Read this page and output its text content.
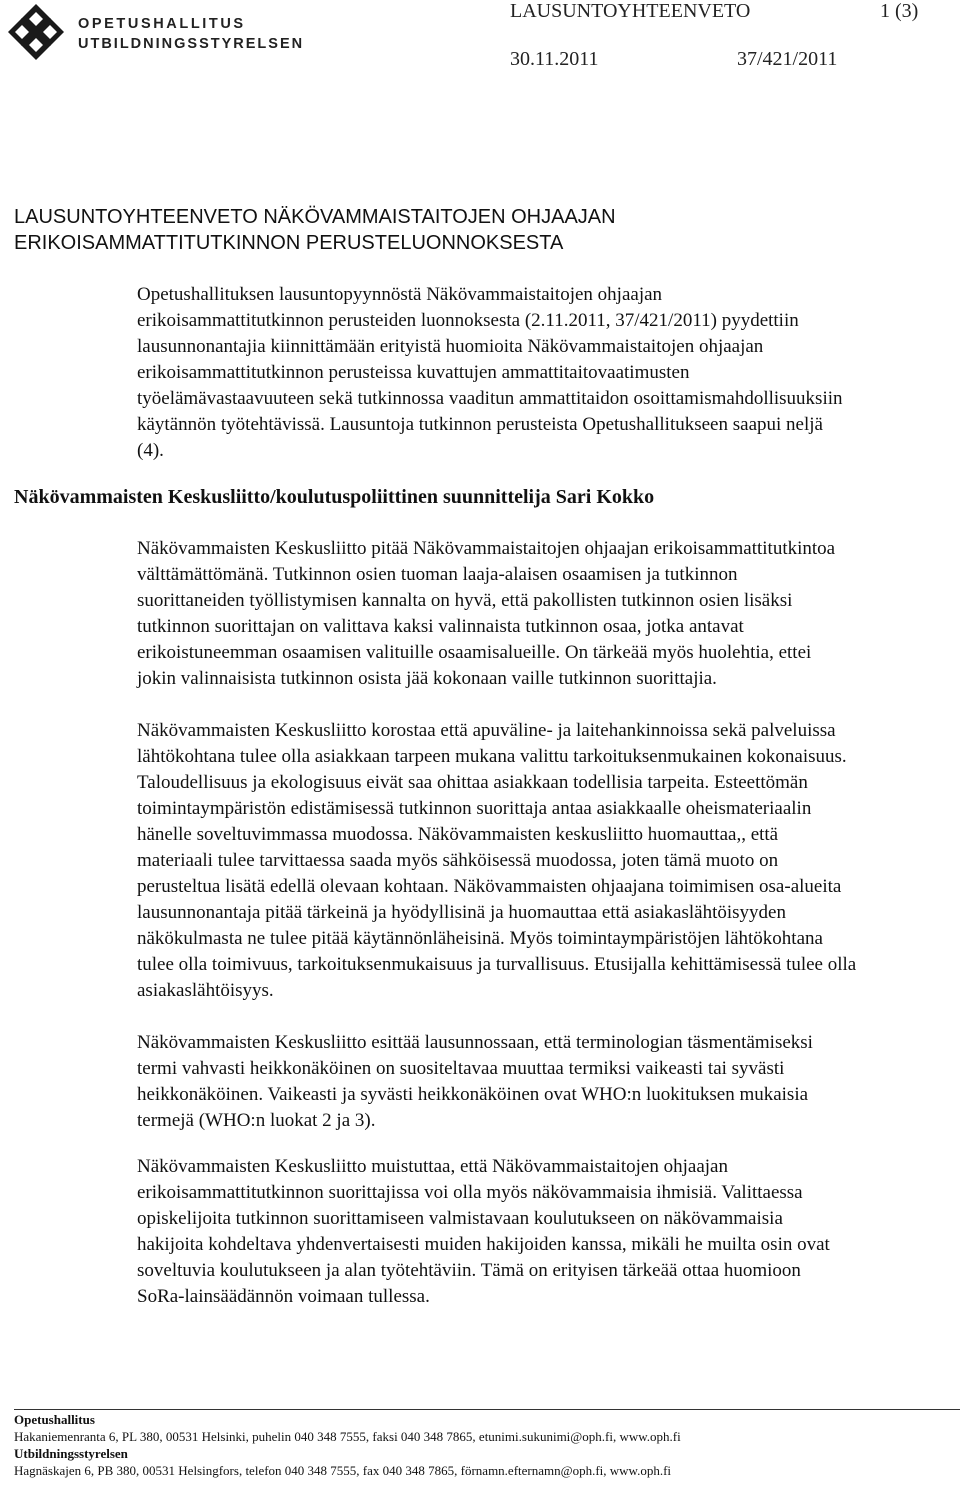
OPETUSHALLITUS
UTBILDNINGSSTYRELSEN
LAUSUNTOYHTEENVETO	1 (3)
30.11.2011	37/421/2011
LAUSUNTOYHTEENVETO NÄKÖVAMMAISTAITOJEN OHJAAJAN
ERIKOISAMMATTITUTKINNON PERUSTELUONNOKSESTA
Opetushallituksen lausuntopyynnöstä Näkövammaistaitojen ohjaajan
erikoisammattitutkinnon perusteiden luonnoksesta (2.11.2011, 37/421/2011) pyydettiin
lausunnonantajia kiinnittämään erityistä huomioita Näkövammaistaitojen ohjaajan
erikoisammattitutkinnon perusteissa kuvattujen ammattitaitovaatimusten
työelämävastaavuuteen sekä tutkinnossa vaaditun ammattitaidon osoittamismahdollisuuksiin
käytännön työtehtävissä. Lausuntoja tutkinnon perusteista Opetushallitukseen saapui neljä
(4).
Näkövammaisten Keskusliitto/koulutuspoliittinen suunnittelija Sari Kokko
Näkövammaisten Keskusliitto pitää Näkövammaistaitojen ohjaajan erikoisammattitutkintoa
välttämättömänä. Tutkinnon osien tuoman laaja-alaisen osaamisen ja tutkinnon
suorittaneiden työllistymisen kannalta on hyvä, että pakollisten tutkinnon osien lisäksi
tutkinnon suorittajan on valittava kaksi valinnaista tutkinnon osaa, jotka antavat
erikoistuneemman osaamisen valituille osaamisalueille. On tärkeää myös huolehtia, ettei
jokin valinnaisista tutkinnon osista jää kokonaan vaille tutkinnon suorittajia.
Näkövammaisten Keskusliitto korostaa että apuväline- ja laitehankinnoissa sekä palveluissa
lähtökohtana tulee olla asiakkaan tarpeen mukana valittu tarkoituksenmukainen kokonaisuus.
Taloudellisuus ja ekologisuus eivät saa ohittaa asiakkaan todellisia tarpeita. Esteettömän
toimintaympäristön edistämisessä tutkinnon suorittaja antaa asiakkaalle oheismateriaalin
hänelle soveltuvimmassa muodossa. Näkövammaisten keskusliitto huomauttaa,, että
materiaali tulee tarvittaessa saada myös sähköisessä muodossa, joten tämä muoto on
perusteltua lisätä edellä olevaan kohtaan. Näkövammaisten ohjaajana toimimisen osa-alueita
lausunnonantaja pitää tärkeinä ja hyödyllisinä ja huomauttaa että asiakaslähtöisyyden
näkökulmasta ne tulee pitää käytännönläheisinä. Myös toimintaympäristöjen lähtökohtana
tulee olla toimivuus, tarkoituksenmukaisuus ja turvallisuus. Etusijalla kehittämisessä tulee olla
asiakaslähtöisyys.
Näkövammaisten Keskusliitto esittää lausunnossaan, että terminologian täsmentämiseksi
termi vahvasti heikkonäköinen on suositeltavaa muuttaa termiksi vaikeasti tai syvästi
heikkonäköinen. Vaikeasti ja syvästi heikkonäköinen ovat WHO:n luokituksen mukaisia
termejä (WHO:n luokat 2 ja 3).
Näkövammaisten Keskusliitto muistuttaa, että Näkövammaistaitojen ohjaajan
erikoisammattitutkinnon suorittajissa voi olla myös näkövammaisia ihmisiä. Valittaessa
opiskelijoita tutkinnon suorittamiseen valmistavaan koulutukseen on näkövammaisia
hakijoita kohdeltava yhdenvertaisesti muiden hakijoiden kanssa, mikäli he muilta osin ovat
soveltuvia koulutukseen ja alan työtehtäviin. Tämä on erityisen tärkeää ottaa huomioon
SoRa-lainsäädännön voimaan tullessa.
Opetushallitus
Hakaniemenranta 6, PL 380, 00531 Helsinki, puhelin 040 348 7555, faksi 040 348 7865, etunimi.sukunimi@oph.fi, www.oph.fi
Utbildningsstyrelsen
Hagnäskajen 6, PB 380, 00531 Helsingfors, telefon 040 348 7555, fax 040 348 7865, förnamn.efternamn@oph.fi, www.oph.fi
